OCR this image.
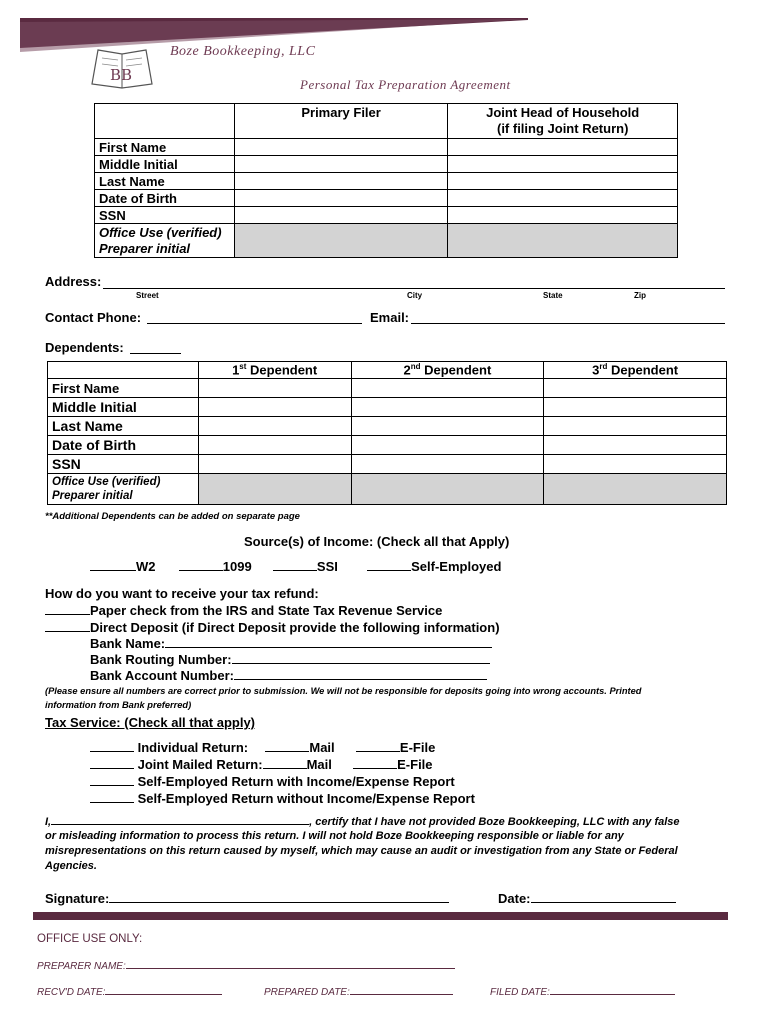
BB
Boze Bookkeeping, LLC
Personal Tax Preparation Agreement
	Primary Filer	Joint Head of Household
(if filing Joint Return)

First Name		
Middle Initial		
Last Name		
Date of Birth		
SSN		

Office Use (verified)
Preparer initial		

Address:
Street	City	State	Zip
Contact Phone:	Email:
Dependents:
	1st Dependent	2nd Dependent	3rd Dependent
First Name			
Middle Initial			
Last Name			
Date of Birth			
SSN			

Office Use (verified)
Preparer initial			

**Additional Dependents can be added on separate page
Source(s) of Income: (Check all that Apply)
W2	1099	SSI	Self-Employed
How do you want to receive your tax refund:
Paper check from the IRS and State Tax Revenue Service
Direct Deposit (if Direct Deposit provide the following information)
Bank Name:
Bank Routing Number:
Bank Account Number:
(Please ensure all numbers are correct prior to submission. We will not be responsible for deposits going into wrong accounts. Printed
information from Bank preferred)
Tax Service: (Check all that apply)
Individual Return:	Mail	E-File
Joint Mailed Return:	Mail	E-File
Self-Employed Return with Income/Expense Report
Self-Employed Return without Income/Expense Report
I,	, certify that I have not provided Boze Bookkeeping, LLC with any false
or misleading information to process this return. I will not hold Boze Bookkeeping responsible or liable for any
misrepresentations on this return caused by myself, which may cause an audit or investigation from any State or Federal
Agencies.
Signature:	Date:
OFFICE USE ONLY:
PREPARER NAME:
RECV'D DATE:	PREPARED DATE:	FILED DATE:
